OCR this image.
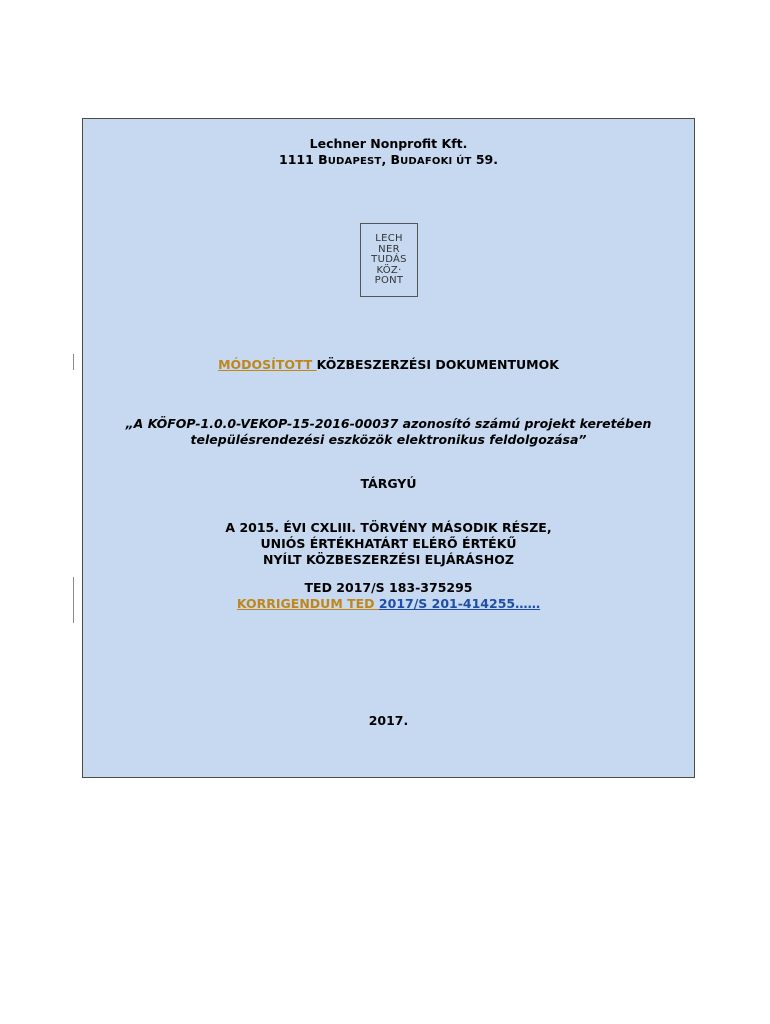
Lechner Nonprofit Kft.
1111 BUDAPEST, BUDAFOKI ÚT 59.
LECH
NER
TUDÁS
KÖZ·
PONT
MÓDOSÍTOTT KÖZBESZERZÉSI DOKUMENTUMOK
„A KÖFOP-1.0.0-VEKOP-15-2016-00037 azonosító számú projekt keretében
településrendezési eszközök elektronikus feldolgozása”
TÁRGYÚ
A 2015. ÉVI CXLIII. TÖRVÉNY MÁSODIK RÉSZE,
UNIÓS ÉRTÉKHATÁRT ELÉRŐ ÉRTÉKŰ
NYÍLT KÖZBESZERZÉSI ELJÁRÁSHOZ
TED 2017/S 183-375295
KORRIGENDUM TED 2017/S 201-414255……
2017.
